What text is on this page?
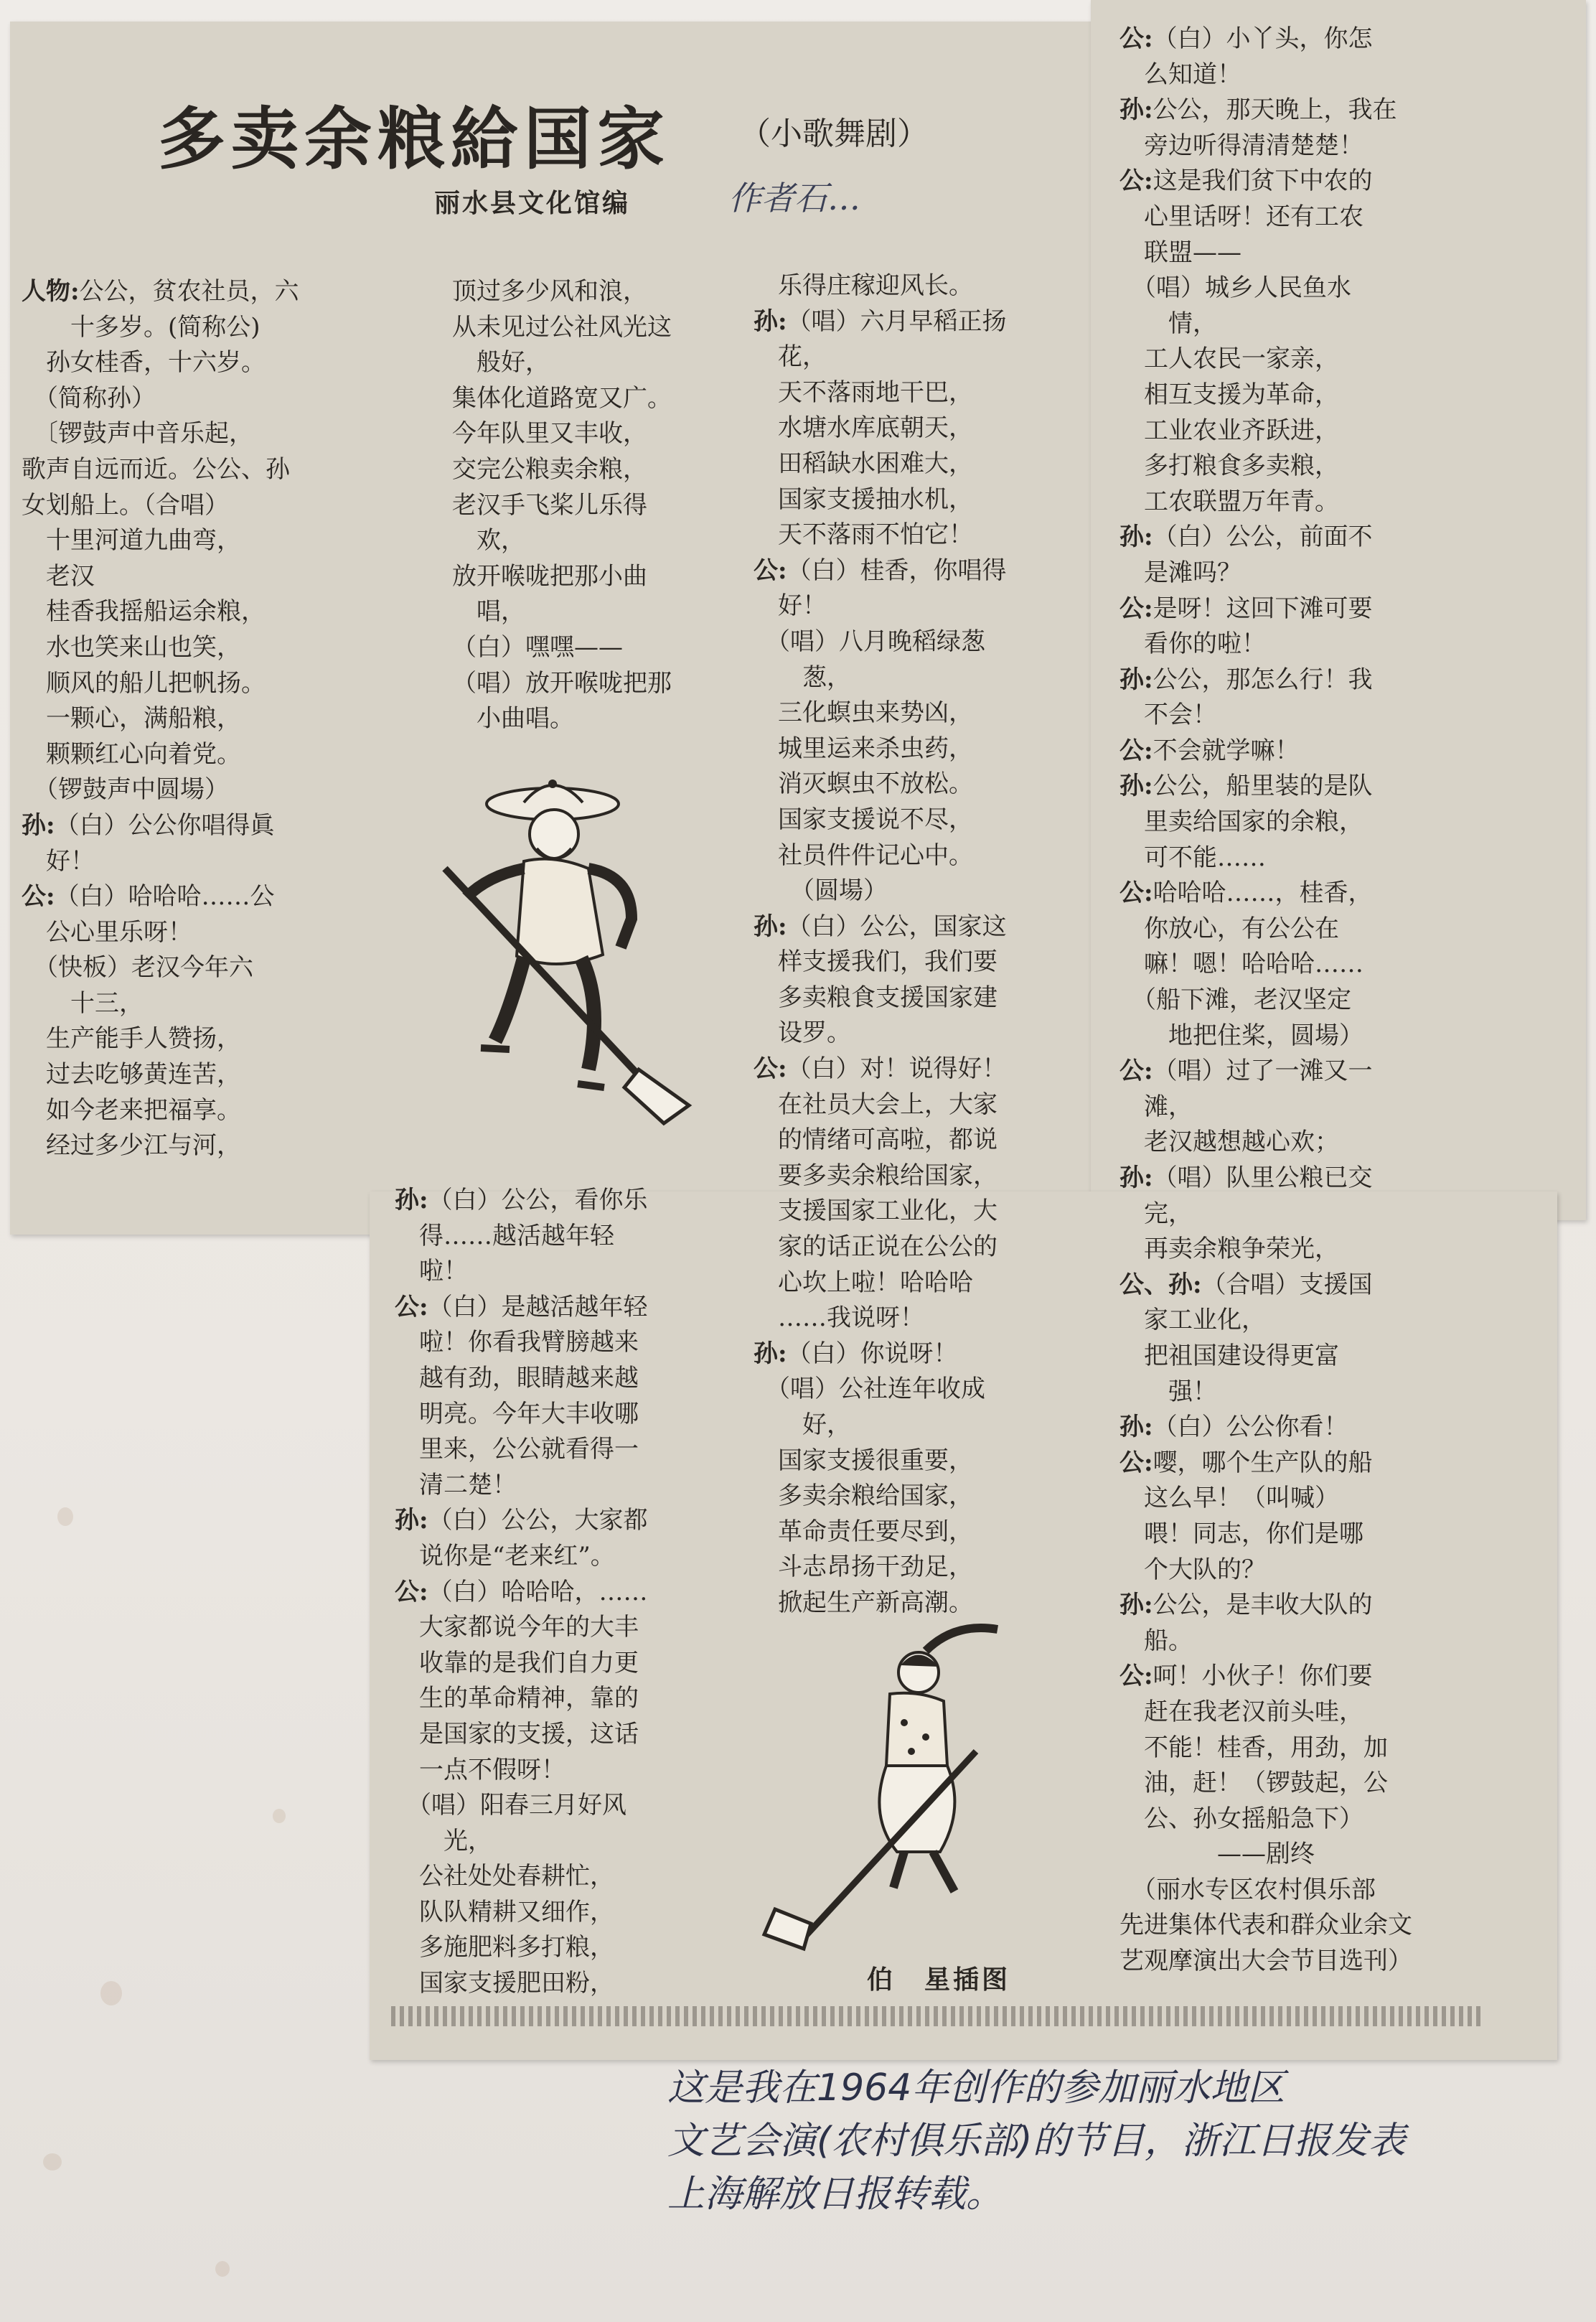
多卖余粮給国家 （小歌舞剧）
丽水县文化馆编	作者石…
人物:公公，贫农社员，六
　　十多岁。(简称公)
　孙女桂香，十六岁。
　（简称孙）
　〔锣鼓声中音乐起，
歌声自远而近。公公、孙
女划船上。（合唱）
　十里河道九曲弯，
　老汉
　桂香我摇船运余粮，
　水也笑来山也笑，
　顺风的船儿把帆扬。
　一颗心，满船粮，
　颗颗红心向着党。
　（锣鼓声中圆場）
孙:（白）公公你唱得眞
　好！
公:（白）哈哈哈……公
　公心里乐呀！
　（快板）老汉今年六
　　十三，
　生产能手人赞扬，
　过去吃够黄连苦，
　如今老来把福享。
　经过多少江与河，
顶过多少风和浪，
从未见过公社风光这
　般好，
集体化道路宽又广。
今年队里又丰收，
交完公粮卖余粮，
老汉手飞桨儿乐得
　欢，
放开喉咙把那小曲
　唱，
（白）嘿嘿——
（唱）放开喉咙把那
　小曲唱。
孙:（白）公公，看你乐
　得……越活越年轻
　啦！
公:（白）是越活越年轻
　啦！你看我臂膀越来
　越有劲，眼睛越来越
　明亮。今年大丰收哪
　里来，公公就看得一
　清二楚！
孙:（白）公公，大家都
　说你是“老来红”。
公:（白）哈哈哈，……
　大家都说今年的大丰
　收靠的是我们自力更
　生的革命精神，靠的
　是国家的支援，这话
　一点不假呀！
　（唱）阳春三月好风
　　光，
　公社处处春耕忙，
　队队精耕又细作，
　多施肥料多打粮，
　国家支援肥田粉，
　乐得庄稼迎风长。
孙:（唱）六月早稻正扬
　花，
　天不落雨地干巴，
　水塘水库底朝天，
　田稻缺水困难大，
　国家支援抽水机，
　天不落雨不怕它！
公:（白）桂香，你唱得
　好！
　（唱）八月晚稻绿葱
　　葱，
　三化螟虫来势凶，
　城里运来杀虫药，
　消灭螟虫不放松。
　国家支援说不尽，
　社员件件记心中。
　　（圆場）
孙:（白）公公，国家这
　样支援我们，我们要
　多卖粮食支援国家建
　设罗。
公:（白）对！说得好！
　在社员大会上，大家
　的情绪可高啦，都说
　要多卖余粮给国家，
　支援国家工业化，大
　家的话正说在公公的
　心坎上啦！哈哈哈
　……我说呀！
孙:（白）你说呀！
　（唱）公社连年收成
　　好，
　国家支援很重要，
　多卖余粮给国家，
　革命责任要尽到，
　斗志昂扬干劲足，
　掀起生产新高潮。
公:（白）小丫头，你怎
　么知道！
孙:公公，那天晚上，我在
　旁边听得清清楚楚！
公:这是我们贫下中农的
　心里话呀！还有工农
　联盟——
　（唱）城乡人民鱼水
　　情，
　工人农民一家亲，
　相互支援为革命，
　工业农业齐跃进，
　多打粮食多卖粮，
　工农联盟万年青。
孙:（白）公公，前面不
　是滩吗？
公:是呀！这回下滩可要
　看你的啦！
孙:公公，那怎么行！我
　不会！
公:不会就学嘛！
孙:公公，船里装的是队
　里卖给国家的余粮，
　可不能……
公:哈哈哈……，桂香，
　你放心，有公公在
　嘛！嗯！哈哈哈……
　（船下滩，老汉坚定
　　地把住桨，圆場）
公:（唱）过了一滩又一
　滩，
　老汉越想越心欢；
孙:（唱）队里公粮已交
　完，
　再卖余粮争荣光，
公、孙:（合唱）支援国
　家工业化，
　把祖国建设得更富
　　强！
孙:（白）公公你看！
公:嘤，哪个生产队的船
　这么早！（叫喊）
　喂！同志，你们是哪
　个大队的？
孙:公公，是丰收大队的
　船。
公:呵！小伙子！你们要
　赶在我老汉前头哇，
　不能！桂香，用劲，加
　油，赶！（锣鼓起，公
　公、孙女摇船急下）
　　　　——剧终
　（丽水专区农村俱乐部
先进集体代表和群众业余文
艺观摩演出大会节目选刊）
伯　星插图
这是我在1964年创作的参加丽水地区
文艺会演(农村俱乐部)的节目，浙江日报发表
上海解放日报转载。
